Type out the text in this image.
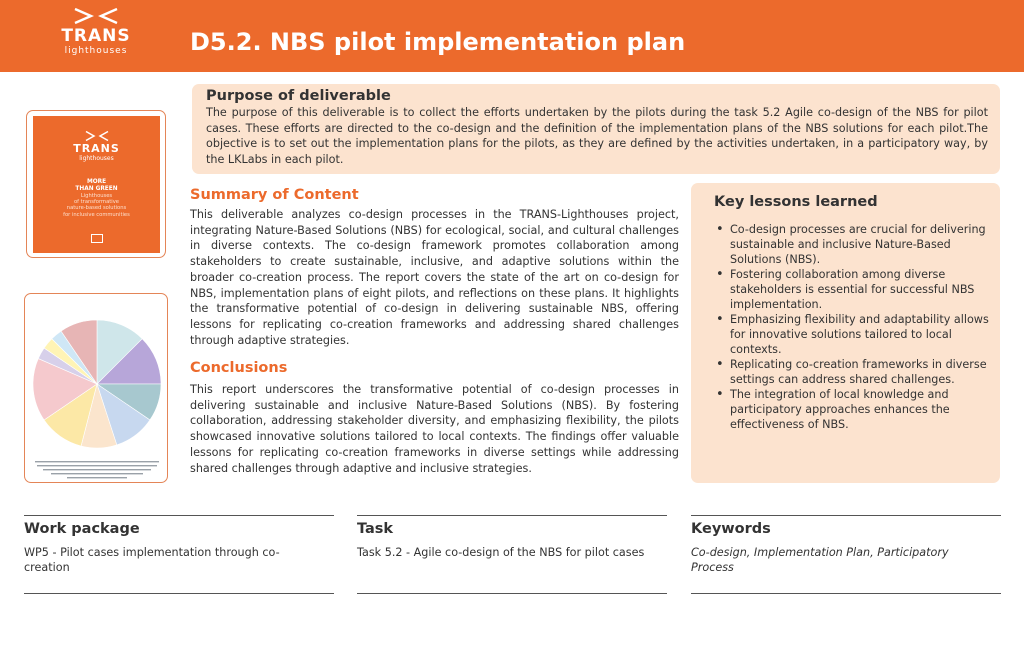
TRANS
lighthouses	D5.2. NBS pilot implementation plan
Purpose of deliverable

The purpose of this deliverable is to collect the efforts undertaken by the pilots during the task 5.2 Agile co-design of the NBS for pilot cases. These efforts are directed to the co-design and the definition of the implementation plans of the NBS solutions for each pilot.The objective is to set out the implementation plans for the pilots, as they are defined by the activities undertaken, in a participatory way, by the LKLabs in each pilot.

TRANS
lighthouses
MORE
THAN GREEN
Lighthouses
of transformative
nature-based solutions
for inclusive communities
Summary of Content

This deliverable analyzes co-design processes in the TRANS-Lighthouses project, integrating Nature-Based Solutions (NBS) for ecological, social, and cultural challenges in diverse contexts. The co-design framework promotes collaboration among stakeholders to create sustainable, inclusive, and adaptive solutions within the broader co-creation process. The report covers the state of the art on co-design for NBS, implementation plans of eight pilots, and reflections on these plans. It highlights the transformative potential of co-design in delivering sustainable NBS, offering lessons for replicating co-creation frameworks and addressing shared challenges through adaptive strategies.

Conclusions

This report underscores the transformative potential of co-design processes in delivering sustainable and inclusive Nature-Based Solutions (NBS). By fostering collaboration, addressing stakeholder diversity, and emphasizing flexibility, the pilots showcased innovative solutions tailored to local contexts. The findings offer valuable lessons for replicating co-creation frameworks in diverse settings while addressing shared challenges through adaptive and inclusive strategies.

Key lessons learned
• Co-design processes are crucial for delivering sustainable and inclusive Nature-Based Solutions (NBS).
• Fostering collaboration among diverse stakeholders is essential for successful NBS implementation.
• Emphasizing flexibility and adaptability allows for innovative solutions tailored to local contexts.
• Replicating co-creation frameworks in diverse settings can address shared challenges.
• The integration of local knowledge and participatory approaches enhances the effectiveness of NBS.
Work package

WP5 - Pilot cases implementation through co-creation

Task

Task 5.2 - Agile co-design of the NBS for pilot cases

Keywords

Co-design, Implementation Plan, Participatory Process
